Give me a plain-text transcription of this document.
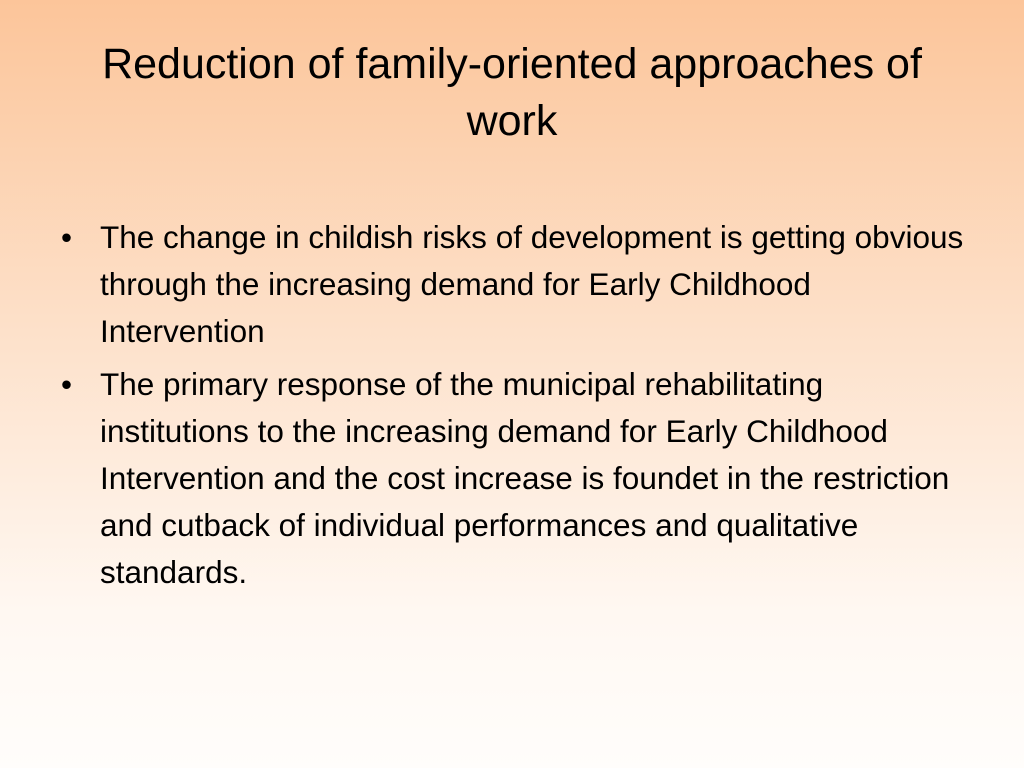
Reduction of family-oriented approaches of work
• The change in childish risks of development is getting obvious through the increasing demand for Early Childhood Intervention
• The primary response of the municipal rehabilitating institutions to the increasing demand for Early Childhood Intervention and the cost increase is foundet in the restriction and cutback of individual performances and qualitative standards.
